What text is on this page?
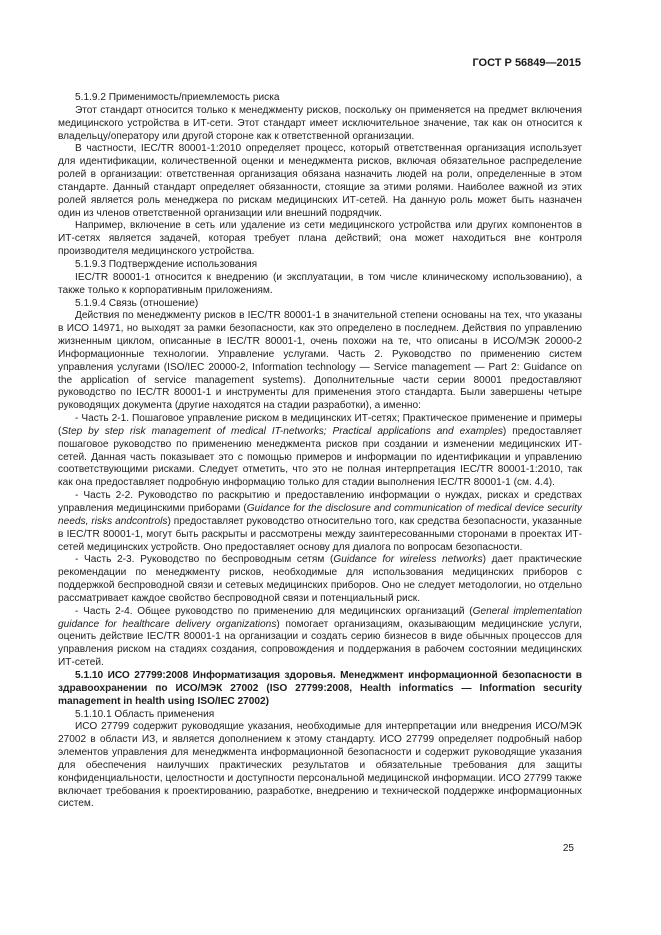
ГОСТ Р 56849—2015

5.1.9.2 Применимость/приемлемость риска

Этот стандарт относится только к менеджменту рисков, поскольку он применяется на предмет включения медицинского устройства в ИТ-сети. Этот стандарт имеет исключительное значение, так как он относится к владельцу/оператору или другой стороне как к ответственной организации.

В частности, IEC/TR 80001-1:2010 определяет процесс, который ответственная организация использует для идентификации, количественной оценки и менеджмента рисков, включая обязательное распределение ролей в организации: ответственная организация обязана назначить людей на роли, определенные в этом стандарте. Данный стандарт определяет обязанности, стоящие за этими ролями. Наиболее важной из этих ролей является роль менеджера по рискам медицинских ИТ-сетей. На данную роль может быть назначен один из членов ответственной организации или внешний подрядчик.

Например, включение в сеть или удаление из сети медицинского устройства или других компонентов в ИТ-сетях является задачей, которая требует плана действий; она может находиться вне контроля производителя медицинского устройства.

5.1.9.3 Подтверждение использования

IEC/TR 80001-1 относится к внедрению (и эксплуатации, в том числе клиническому использованию), а также только к корпоративным приложениям.

5.1.9.4 Связь (отношение)

Действия по менеджменту рисков в IEC/TR 80001-1 в значительной степени основаны на тех, что указаны в ИСО 14971, но выходят за рамки безопасности, как это определено в последнем. Действия по управлению жизненным циклом, описанные в IEC/TR 80001-1, очень похожи на те, что описаны в ИСО/МЭК 20000-2 Информационные технологии. Управление услугами. Часть 2. Руководство по применению систем управления услугами (ISO/IEC 20000-2, Information technology — Service management — Part 2: Guidance on the application of service management systems). Дополнительные части серии 80001 предоставляют руководство по IEC/TR 80001-1 и инструменты для применения этого стандарта. Были завершены четыре руководящих документа (другие находятся на стадии разработки), а именно:

- Часть 2-1. Пошаговое управление риском в медицинских ИТ-сетях; Практическое применение и примеры (Step by step risk management of medical IT-networks; Practical applications and examples) предоставляет пошаговое руководство по применению менеджмента рисков при создании и изменении медицинских ИТ-сетей. Данная часть показывает это с помощью примеров и информации по идентификации и управлению соответствующими рисками. Следует отметить, что это не полная интерпретация IEC/TR 80001-1:2010, так как она предоставляет подробную информацию только для стадии выполнения IEC/TR 80001-1 (см. 4.4).

- Часть 2-2. Руководство по раскрытию и предоставлению информации о нуждах, рисках и средствах управления медицинскими приборами (Guidance for the disclosure and communication of medical device security needs, risks andcontrols) предоставляет руководство относительно того, как средства безопасности, указанные в IEC/TR 80001-1, могут быть раскрыты и рассмотрены между заинтересованными сторонами в проектах ИТ-сетей медицинских устройств. Оно предоставляет основу для диалога по вопросам безопасности.

- Часть 2-3. Руководство по беспроводным сетям (Guidance for wireless networks) дает практические рекомендации по менеджменту рисков, необходимые для использования медицинских приборов с поддержкой беспроводной связи и сетевых медицинских приборов. Оно не следует методологии, но отдельно рассматривает каждое свойство беспроводной связи и потенциальный риск.

- Часть 2-4. Общее руководство по применению для медицинских организаций (General implementation guidance for healthcare delivery organizations) помогает организациям, оказывающим медицинские услуги, оценить действие IEC/TR 80001-1 на организации и создать серию бизнесов в виде обычных процессов для управления риском на стадиях создания, сопровождения и поддержания в рабочем состоянии медицинских ИТ-сетей.

5.1.10 ИСО 27799:2008 Информатизация здоровья. Менеджмент информационной безопасности в здравоохранении по ИСО/МЭК 27002 (ISO 27799:2008, Health informatics — Information security management in health using ISO/IEC 27002)

5.1.10.1 Область применения

ИСО 27799 содержит руководящие указания, необходимые для интерпретации или внедрения ИСО/МЭК 27002 в области ИЗ, и является дополнением к этому стандарту. ИСО 27799 определяет подробный набор элементов управления для менеджмента информационной безопасности и содержит руководящие указания для обеспечения наилучших практических результатов и обязательные требования для защиты конфиденциальности, целостности и доступности персональной медицинской информации. ИСО 27799 также включает требования к проектированию, разработке, внедрению и технической поддержке информационных систем.

25
